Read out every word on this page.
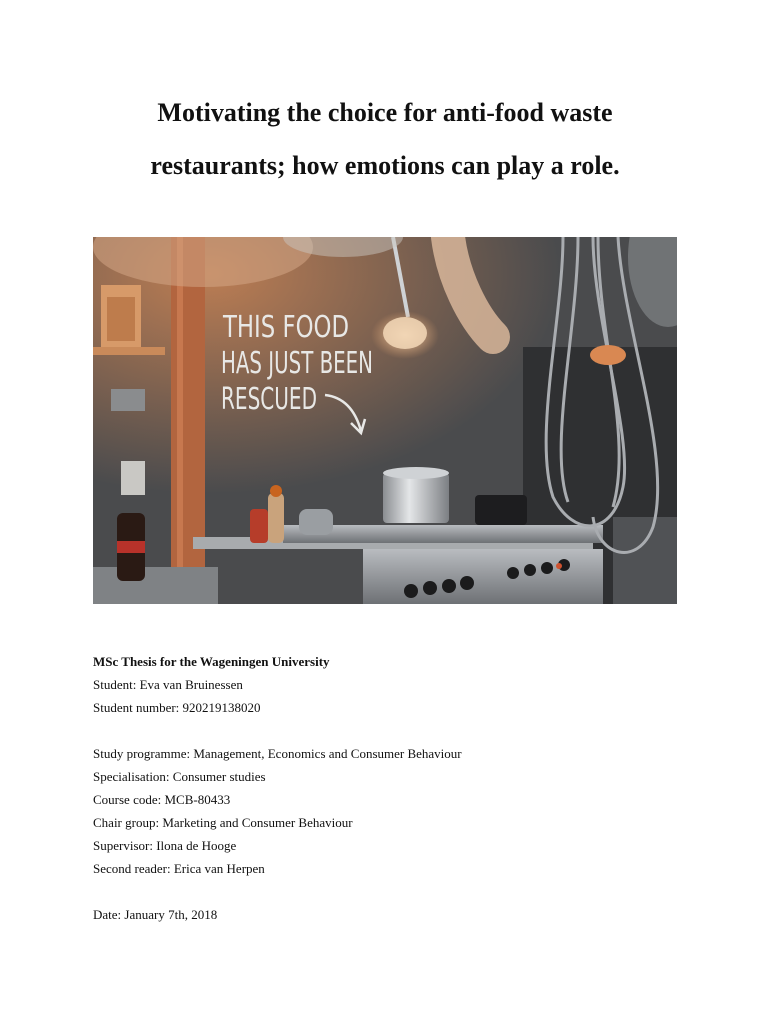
Motivating the choice for anti-food waste
restaurants; how emotions can play a role.
THIS FOOD
HAS JUST BEEN
RESCUED

MSc Thesis for the Wageningen University

Student: Eva van Bruinessen

Student number: 920219138020

Study programme: Management, Economics and Consumer Behaviour

Specialisation: Consumer studies

Course code: MCB-80433

Chair group: Marketing and Consumer Behaviour

Supervisor: Ilona de Hooge

Second reader: Erica van Herpen

Date: January 7th, 2018
